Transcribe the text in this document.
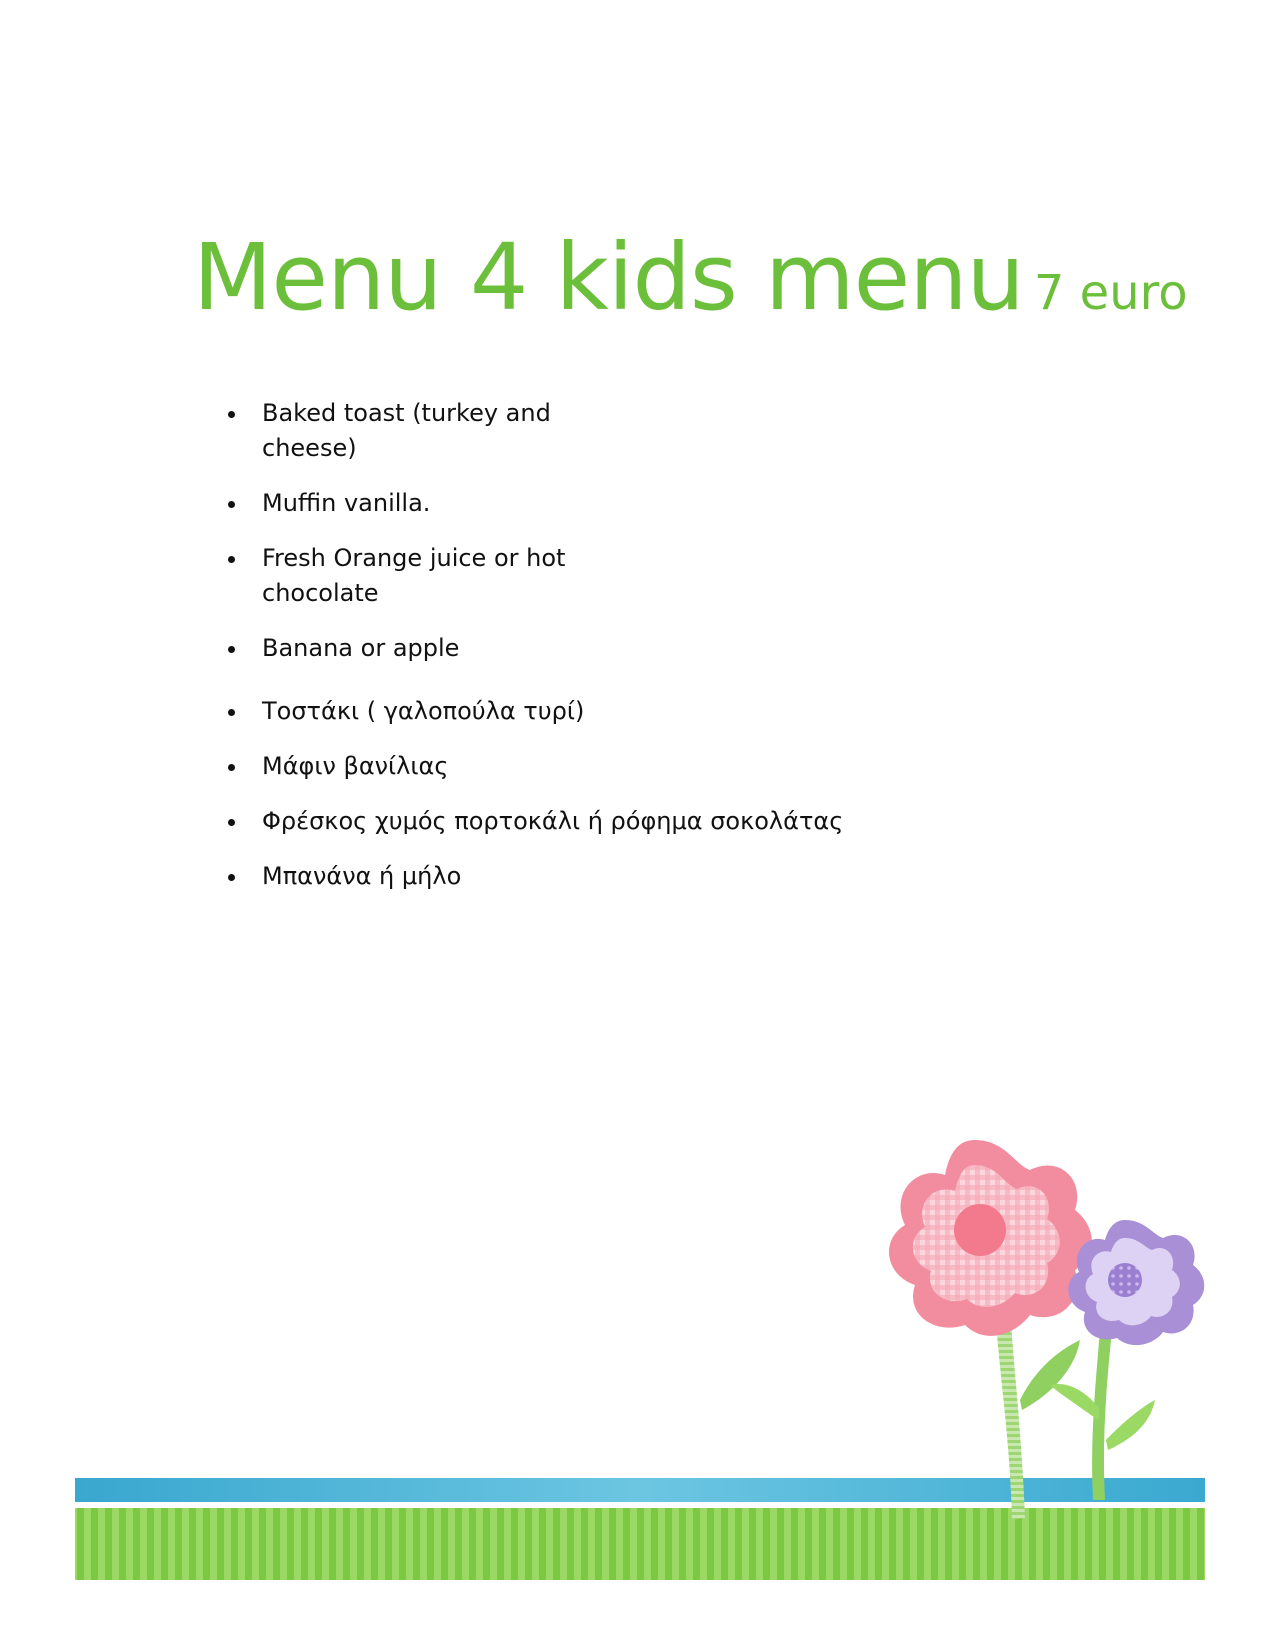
Menu 4 kids menu 7 euro
Baked toast (turkey and cheese)
Muffin vanilla.
Fresh Orange juice or hot chocolate
Banana or apple
Τοστάκι ( γαλοπούλα τυρί)
Μάφιν βανίλιας
Φρέσκος χυμός πορτοκάλι ή ρόφημα σοκολάτας
Μπανάνα ή μήλο
